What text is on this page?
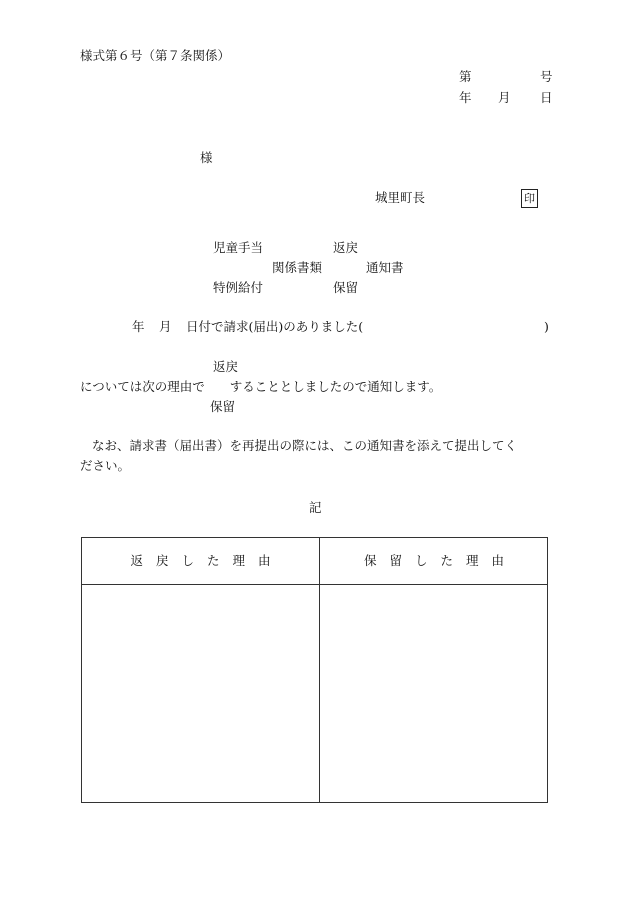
様式第６号（第７条関係）
第	号
年 月 日
様
城里町長	印
児童手当	返戻
関係書類	通知書
特例給付	保留
年 月 日付で請求(届出)のありました(	)
返戻
については次の理由で　　することとしましたので通知します。
保留
なお、請求書（届出書）を再提出の際には、この通知書を添えて提出してく
ださい。
記
返戻した理由	保留した理由
